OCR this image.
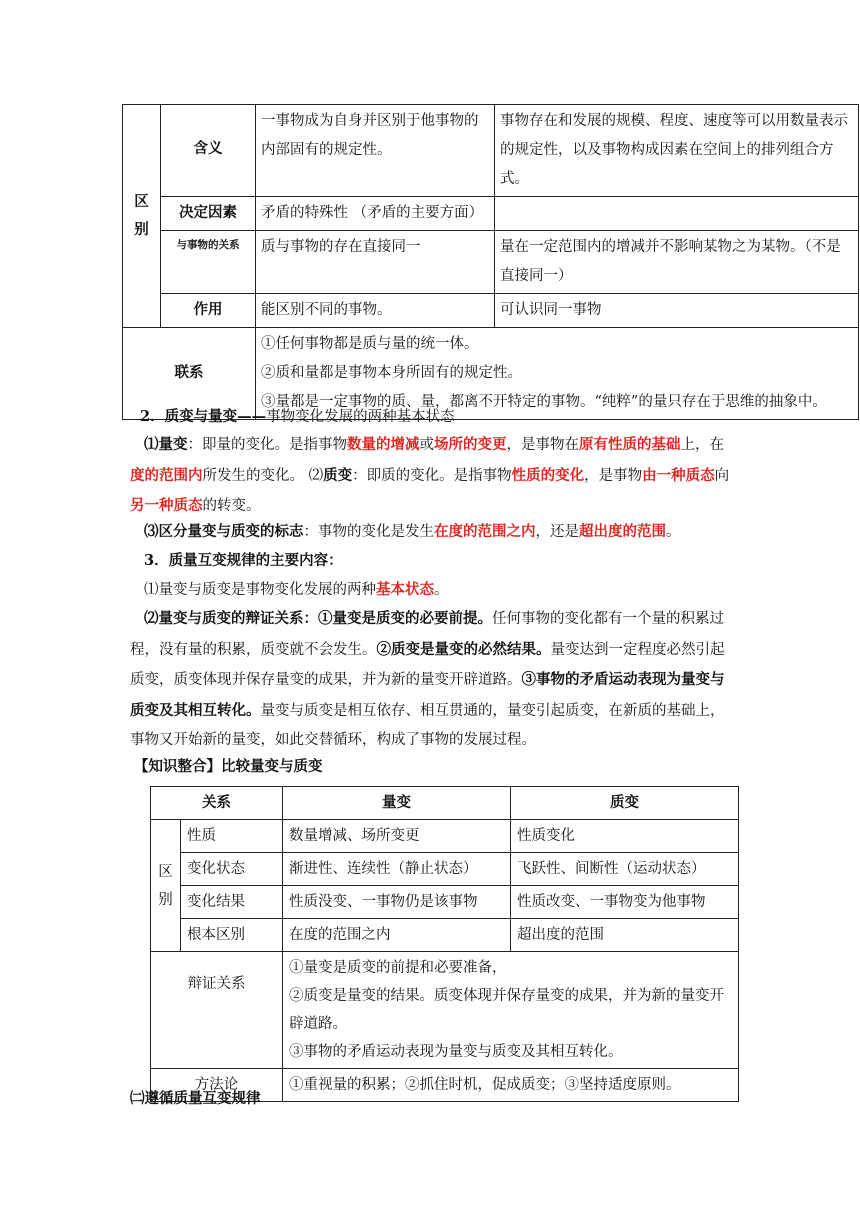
区
别	含义	一事物成为自身并区别于他事物的内部固有的规定性。	事物存在和发展的规模、程度、速度等可以用数量表示的规定性，以及事物构成因素在空间上的排列组合方式。
	决定因素	矛盾的特殊性 （矛盾的主要方面）	
	与事物的关系	质与事物的存在直接同一	量在一定范围内的增减并不影响某物之为某物。（不是直接同一）
	作用	能区别不同的事物。	可认识同一事物
联系		①任何事物都是质与量的统一体。
②质和量都是事物本身所固有的规定性。
③量都是一定事物的质、量，都离不开特定的事物。“纯粹”的量只存在于思维的抽象中。	
2．质变与量变——事物变化发展的两种基本状态
⑴量变：即量的变化。是指事物数量的增减或场所的变更，是事物在原有性质的基础上，在度的范围内所发生的变化。 ⑵质变：即质的变化。是指事物性质的变化，是事物由一种质态向另一种质态的转变。
⑶区分量变与质变的标志：事物的变化是发生在度的范围之内，还是超出度的范围。
3．质量互变规律的主要内容：
⑴量变与质变是事物变化发展的两种基本状态。
⑵量变与质变的辩证关系：①量变是质变的必要前提。任何事物的变化都有一个量的积累过程，没有量的积累，质变就不会发生。②质变是量变的必然结果。量变达到一定程度必然引起质变，质变体现并保存量变的成果，并为新的量变开辟道路。③事物的矛盾运动表现为量变与质变及其相互转化。量变与质变是相互依存、相互贯通的，量变引起质变，在新质的基础上，事物又开始新的量变，如此交替循环，构成了事物的发展过程。
【知识整合】比较量变与质变
关系		量变	质变
区
别	性质	数量增减、场所变更	性质变化
	变化状态	渐进性、连续性（静止状态）	飞跃性、间断性（运动状态）
	变化结果	性质没变、一事物仍是该事物	性质改变、一事物变为他事物
	根本区别	在度的范围之内	超出度的范围
辩证关系		①量变是质变的前提和必要准备，
②质变是量变的结果。质变体现并保存量变的成果，并为新的量变开辟道路。
③事物的矛盾运动表现为量变与质变及其相互转化。	

方法论		①重视量的积累；②抓住时机，促成质变；③坚持适度原则。	
㈡遵循质量互变规律
